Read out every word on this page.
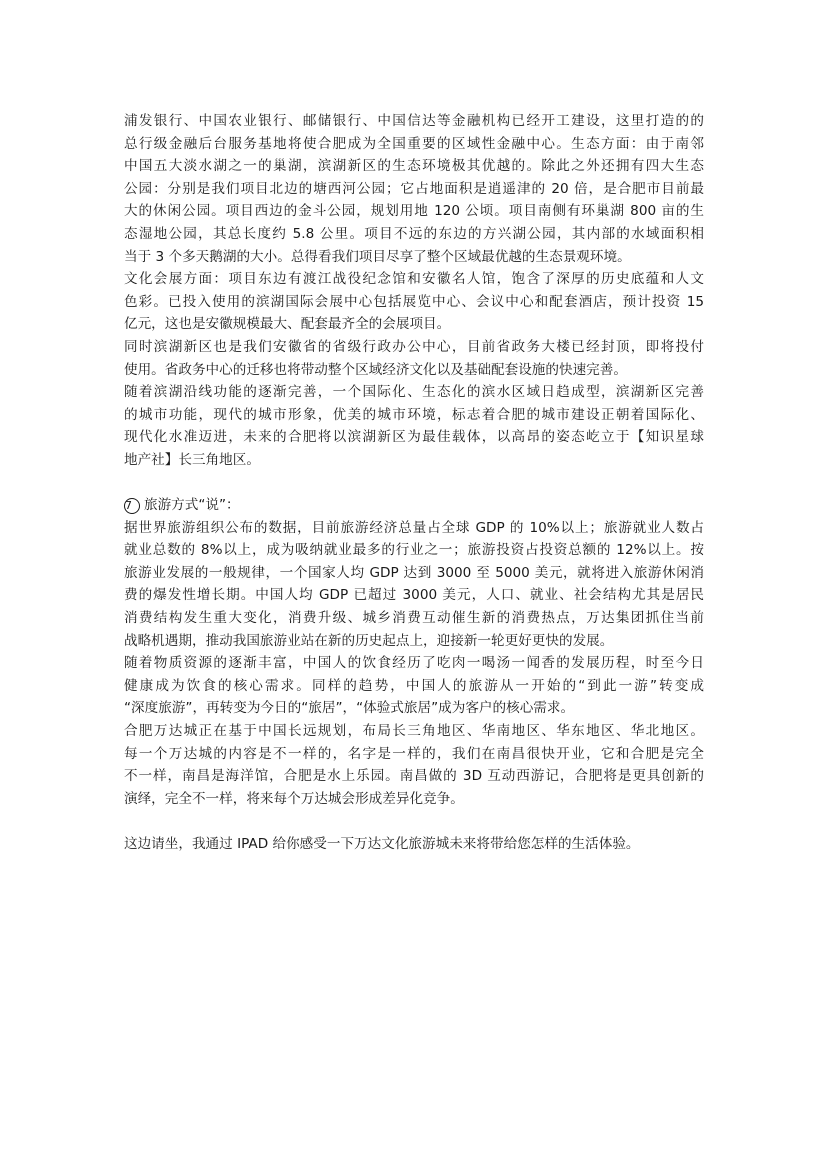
浦发银行、中国农业银行、邮储银行、中国信达等金融机构已经开工建设，这里打造的的
总行级金融后台服务基地将使合肥成为全国重要的区域性金融中心。生态方面：由于南邻
中国五大淡水湖之一的巢湖，滨湖新区的生态环境极其优越的。除此之外还拥有四大生态
公园：分别是我们项目北边的塘西河公园；它占地面积是逍遥津的 20 倍，是合肥市目前最
大的休闲公园。项目西边的金斗公园，规划用地 120 公顷。项目南侧有环巢湖 800 亩的生
态湿地公园，其总长度约 5.8 公里。项目不远的东边的方兴湖公园，其内部的水域面积相
当于 3 个多天鹅湖的大小。总得看我们项目尽享了整个区域最优越的生态景观环境。
文化会展方面：项目东边有渡江战役纪念馆和安徽名人馆，饱含了深厚的历史底蕴和人文
色彩。已投入使用的滨湖国际会展中心包括展览中心、会议中心和配套酒店，预计投资 15
亿元，这也是安徽规模最大、配套最齐全的会展项目。
同时滨湖新区也是我们安徽省的省级行政办公中心，目前省政务大楼已经封顶，即将投付
使用。省政务中心的迁移也将带动整个区域经济文化以及基础配套设施的快速完善。
随着滨湖沿线功能的逐渐完善，一个国际化、生态化的滨水区域日趋成型，滨湖新区完善
的城市功能，现代的城市形象，优美的城市环境，标志着合肥的城市建设正朝着国际化、
现代化水准迈进，未来的合肥将以滨湖新区为最佳载体，以高昂的姿态屹立于【知识星球
地产社】长三角地区。
7 旅游方式“说”：
据世界旅游组织公布的数据，目前旅游经济总量占全球 GDP 的 10%以上；旅游就业人数占
就业总数的 8%以上，成为吸纳就业最多的行业之一；旅游投资占投资总额的 12%以上。按
旅游业发展的一般规律，一个国家人均 GDP 达到 3000 至 5000 美元，就将进入旅游休闲消
费的爆发性增长期。中国人均 GDP 已超过 3000 美元，人口、就业、社会结构尤其是居民
消费结构发生重大变化，消费升级、城乡消费互动催生新的消费热点，万达集团抓住当前
战略机遇期，推动我国旅游业站在新的历史起点上，迎接新一轮更好更快的发展。
随着物质资源的逐渐丰富，中国人的饮食经历了吃肉一喝汤一闻香的发展历程，时至今日
健康成为饮食的核心需求。同样的趋势，中国人的旅游从一开始的“到此一游”转变成
“深度旅游”，再转变为今日的“旅居”，“体验式旅居”成为客户的核心需求。
合肥万达城正在基于中国长远规划，布局长三角地区、华南地区、华东地区、华北地区。
每一个万达城的内容是不一样的，名字是一样的，我们在南昌很快开业，它和合肥是完全
不一样，南昌是海洋馆，合肥是水上乐园。南昌做的 3D 互动西游记，合肥将是更具创新的
演绎，完全不一样，将来每个万达城会形成差异化竞争。
这边请坐，我通过 IPAD 给你感受一下万达文化旅游城未来将带给您怎样的生活体验。
